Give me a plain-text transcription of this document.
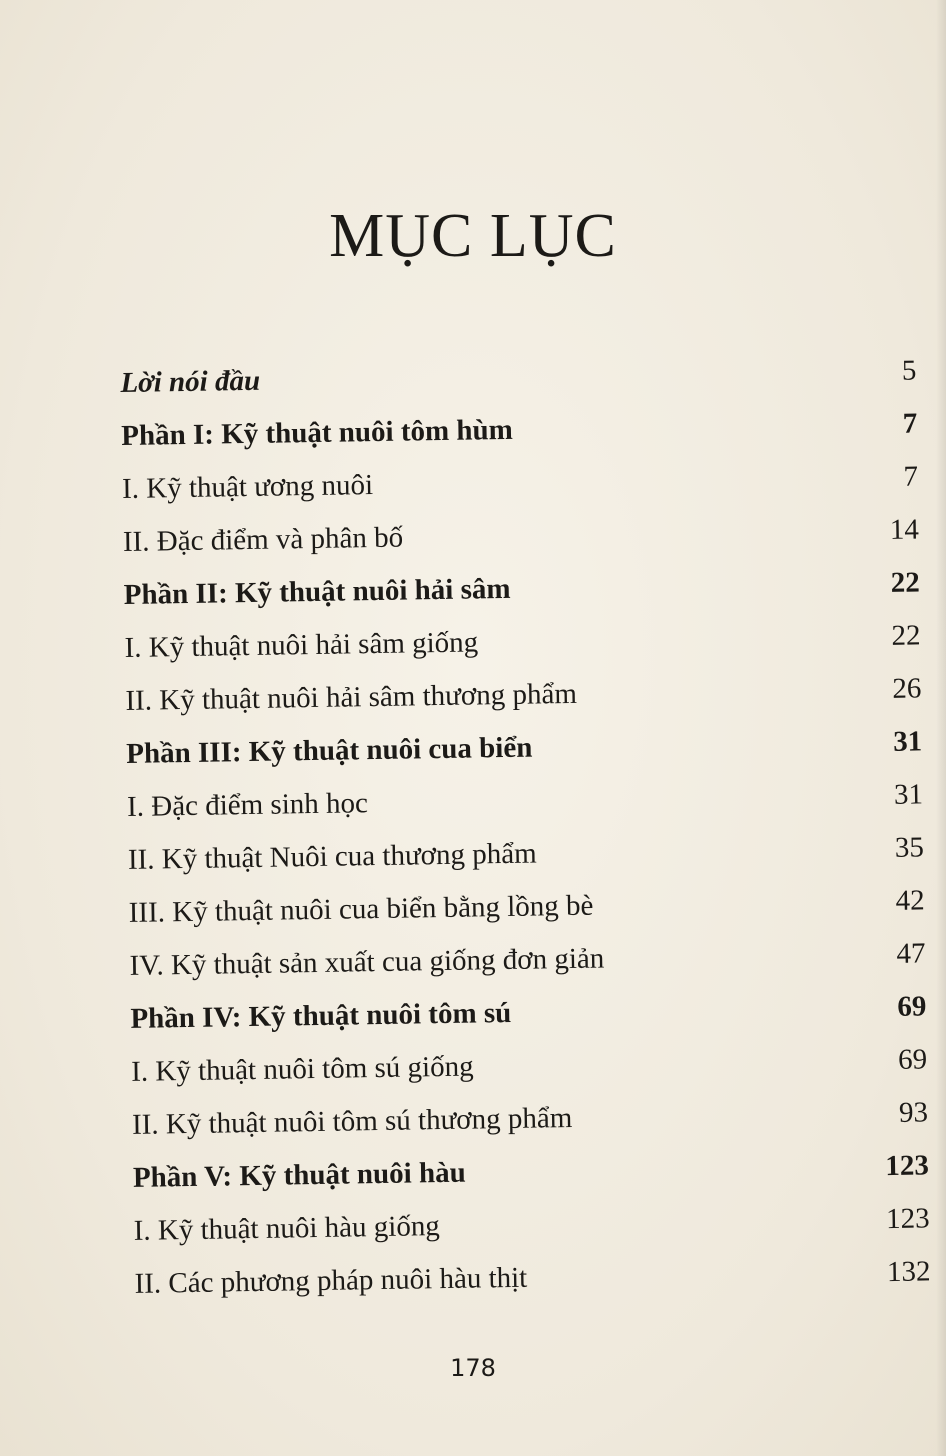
MỤC LỤC
Lời nói đầu	5
Phần I: Kỹ thuật nuôi tôm hùm	7
I. Kỹ thuật ương nuôi	7
II. Đặc điểm và phân bố	14
Phần II: Kỹ thuật nuôi hải sâm	22
I. Kỹ thuật nuôi hải sâm giống	22
II. Kỹ thuật nuôi hải sâm thương phẩm	26
Phần III: Kỹ thuật nuôi cua biển	31
I. Đặc điểm sinh học	31
II. Kỹ thuật Nuôi cua thương phẩm	35
III. Kỹ thuật nuôi cua biển bằng lồng bè	42
IV. Kỹ thuật sản xuất cua giống đơn giản	47
Phần IV: Kỹ thuật nuôi tôm sú	69
I. Kỹ thuật nuôi tôm sú giống	69
II. Kỹ thuật nuôi tôm sú thương phẩm	93
Phần V: Kỹ thuật nuôi hàu	123
I. Kỹ thuật nuôi hàu giống	123
II. Các phương pháp nuôi hàu thịt	132
178
